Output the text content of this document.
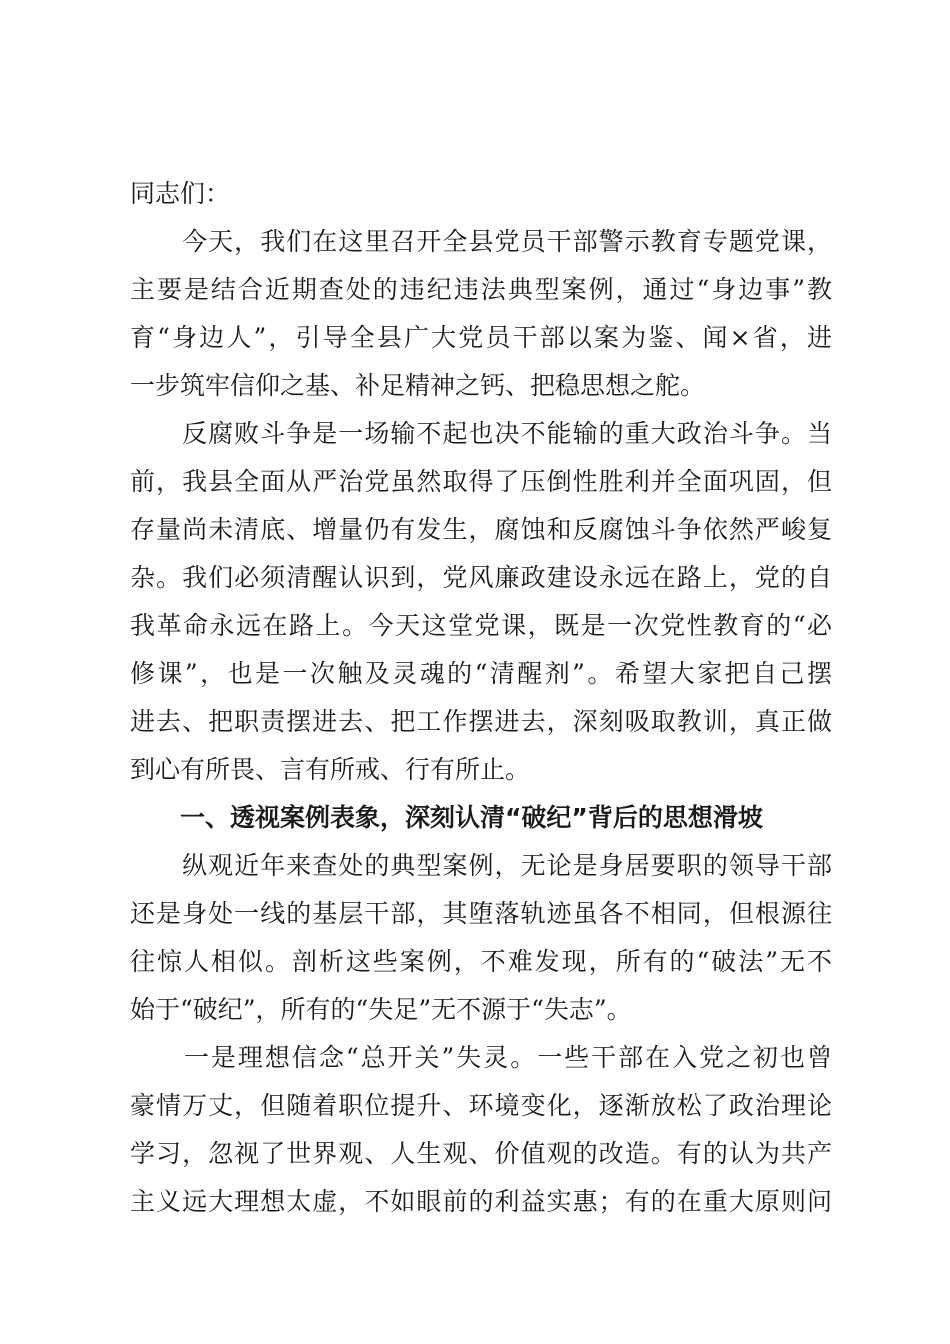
同志们：
　　今天，我们在这里召开全县党员干部警示教育专题党课，
主要是结合近期查处的违纪违法典型案例，通过“身边事”教
育“身边人”，引导全县广大党员干部以案为鉴、闻×省，进
一步筑牢信仰之基、补足精神之钙、把稳思想之舵。
　　反腐败斗争是一场输不起也决不能输的重大政治斗争。当
前，我县全面从严治党虽然取得了压倒性胜利并全面巩固，但
存量尚未清底、增量仍有发生，腐蚀和反腐蚀斗争依然严峻复
杂。我们必须清醒认识到，党风廉政建设永远在路上，党的自
我革命永远在路上。今天这堂党课，既是一次党性教育的“必
修课”，也是一次触及灵魂的“清醒剂”。希望大家把自己摆
进去、把职责摆进去、把工作摆进去，深刻吸取教训，真正做
到心有所畏、言有所戒、行有所止。
　　一、透视案例表象，深刻认清“破纪”背后的思想滑坡
　　纵观近年来查处的典型案例，无论是身居要职的领导干部
还是身处一线的基层干部，其堕落轨迹虽各不相同，但根源往
往惊人相似。剖析这些案例，不难发现，所有的“破法”无不
始于“破纪”，所有的“失足”无不源于“失志”。
　　一是理想信念“总开关”失灵。一些干部在入党之初也曾
豪情万丈，但随着职位提升、环境变化，逐渐放松了政治理论
学习，忽视了世界观、人生观、价值观的改造。有的认为共产
主义远大理想太虚，不如眼前的利益实惠；有的在重大原则问
